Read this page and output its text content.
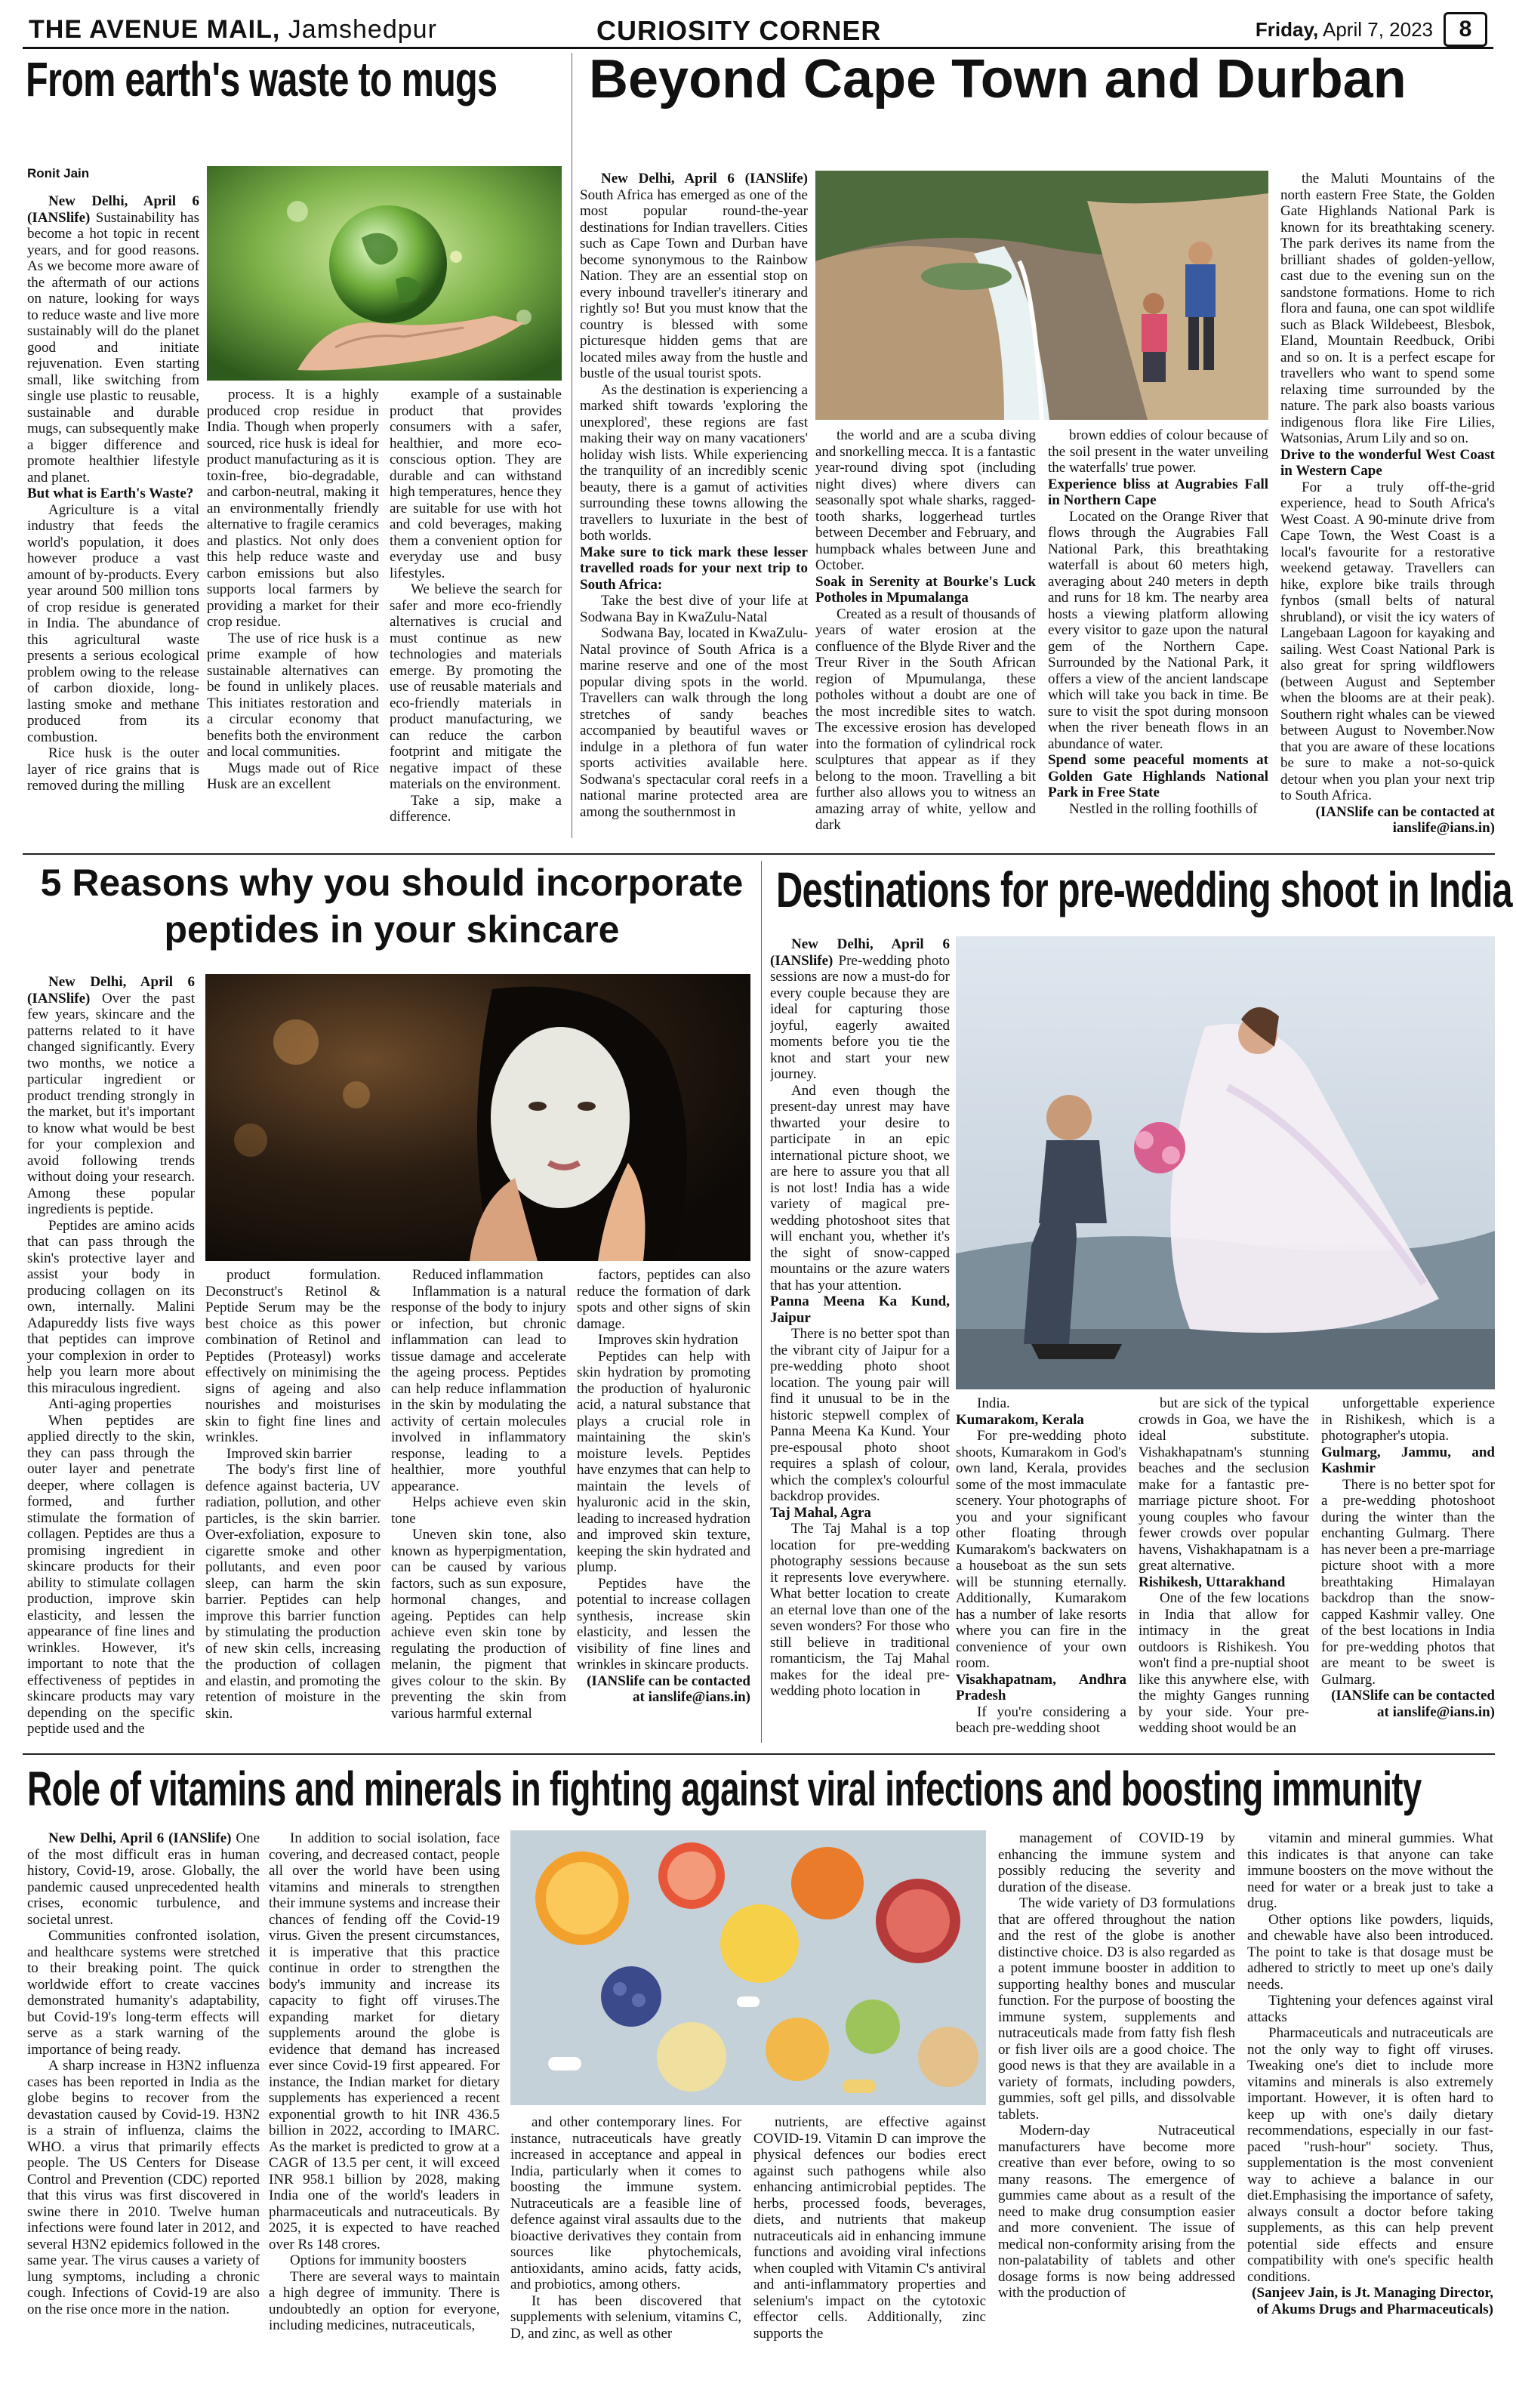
THE AVENUE MAIL, Jamshedpur	CURIOSITY CORNER	Friday, April 7, 2023	8
From earth's waste to mugs
Ronit Jain

New Delhi, April 6 (IANSlife) Sustainability has become a hot topic in recent years, and for good reasons. As we become more aware of the aftermath of our actions on nature, looking for ways to reduce waste and live more sustainably will do the planet good and initiate rejuvenation. Even starting small, like switching from single use plastic to reusable, sustainable and durable mugs, can subsequently make a bigger difference and promote healthier lifestyle and planet.

But what is Earth's Waste?

Agriculture is a vital industry that feeds the world's population, it does however produce a vast amount of by-products. Every year around 500 million tons of crop residue is generated in India. The abundance of this agricultural waste presents a serious ecological problem owing to the release of carbon dioxide, long-lasting smoke and methane produced from its combustion.

Rice husk is the outer layer of rice grains that is removed during the milling

process. It is a highly produced crop residue in India. Though when properly sourced, rice husk is ideal for product manufacturing as it is toxin-free, bio-degradable, and carbon-neutral, making it an environmentally friendly alternative to fragile ceramics and plastics. Not only does this help reduce waste and carbon emissions but also supports local farmers by providing a market for their crop residue.

The use of rice husk is a prime example of how sustainable alternatives can be found in unlikely places. This initiates restoration and a circular economy that benefits both the environment and local communities.

Mugs made out of Rice Husk are an excellent

example of a sustainable product that provides consumers with a safer, healthier, and more eco-conscious option. They are durable and can withstand high temperatures, hence they are suitable for use with hot and cold beverages, making them a convenient option for everyday use and busy lifestyles.

We believe the search for safer and more eco-friendly alternatives is crucial and must continue as new technologies and materials emerge. By promoting the use of reusable materials and eco-friendly materials in product manufacturing, we can reduce the carbon footprint and mitigate the negative impact of these materials on the environment.

Take a sip, make a difference.

Beyond Cape Town and Durban

New Delhi, April 6 (IANSlife) South Africa has emerged as one of the most popular round-the-year destinations for Indian travellers. Cities such as Cape Town and Durban have become synonymous to the Rainbow Nation. They are an essential stop on every inbound traveller's itinerary and rightly so! But you must know that the country is blessed with some picturesque hidden gems that are located miles away from the hustle and bustle of the usual tourist spots.

As the destination is experiencing a marked shift towards 'exploring the unexplored', these regions are fast making their way on many vacationers' holiday wish lists. While experiencing the tranquility of an incredibly scenic beauty, there is a gamut of activities surrounding these towns allowing the travellers to luxuriate in the best of both worlds.

Make sure to tick mark these lesser travelled roads for your next trip to South Africa:

Take the best dive of your life at Sodwana Bay in KwaZulu-Natal

Sodwana Bay, located in KwaZulu-Natal province of South Africa is a marine reserve and one of the most popular diving spots in the world. Travellers can walk through the long stretches of sandy beaches accompanied by beautiful waves or indulge in a plethora of fun water sports activities available here. Sodwana's spectacular coral reefs in a national marine protected area are among the southernmost in

the world and are a scuba diving and snorkelling mecca. It is a fantastic year-round diving spot (including night dives) where divers can seasonally spot whale sharks, ragged-tooth sharks, loggerhead turtles between December and February, and humpback whales between June and October.

Soak in Serenity at Bourke's Luck Potholes in Mpumalanga

Created as a result of thousands of years of water erosion at the confluence of the Blyde River and the Treur River in the South African region of Mpumulanga, these potholes without a doubt are one of the most incredible sites to watch. The excessive erosion has developed into the formation of cylindrical rock sculptures that appear as if they belong to the moon. Travelling a bit further also allows you to witness an amazing array of white, yellow and dark

brown eddies of colour because of the soil present in the water unveiling the waterfalls' true power.

Experience bliss at Augrabies Fall in Northern Cape

Located on the Orange River that flows through the Augrabies Fall National Park, this breathtaking waterfall is about 60 meters high, averaging about 240 meters in depth and runs for 18 km. The nearby area hosts a viewing platform allowing every visitor to gaze upon the natural gem of the Northern Cape. Surrounded by the National Park, it offers a view of the ancient landscape which will take you back in time. Be sure to visit the spot during monsoon when the river beneath flows in an abundance of water.

Spend some peaceful moments at Golden Gate Highlands National Park in Free State

Nestled in the rolling foothills of

the Maluti Mountains of the north eastern Free State, the Golden Gate Highlands National Park is known for its breathtaking scenery. The park derives its name from the brilliant shades of golden-yellow, cast due to the evening sun on the sandstone formations. Home to rich flora and fauna, one can spot wildlife such as Black Wildebeest, Blesbok, Eland, Mountain Reedbuck, Oribi and so on. It is a perfect escape for travellers who want to spend some relaxing time surrounded by the nature. The park also boasts various indigenous flora like Fire Lilies, Watsonias, Arum Lily and so on.

Drive to the wonderful West Coast in Western Cape

For a truly off-the-grid experience, head to South Africa's West Coast. A 90-minute drive from Cape Town, the West Coast is a local's favourite for a restorative weekend getaway. Travellers can hike, explore bike trails through fynbos (small belts of natural shrubland), or visit the icy waters of Langebaan Lagoon for kayaking and sailing. West Coast National Park is also great for spring wildflowers (between August and September when the blooms are at their peak). Southern right whales can be viewed between August to November.Now that you are aware of these locations be sure to make a not-so-quick detour when you plan your next trip to South Africa.

(IANSlife can be contacted at ianslife@ians.in)

5 Reasons why you should incorporate
peptides in your skincare

New Delhi, April 6 (IANSlife) Over the past few years, skincare and the patterns related to it have changed significantly. Every two months, we notice a particular ingredient or product trending strongly in the market, but it's important to know what would be best for your complexion and avoid following trends without doing your research. Among these popular ingredients is peptide.

Peptides are amino acids that can pass through the skin's protective layer and assist your body in producing collagen on its own, internally. Malini Adapureddy lists five ways that peptides can improve your complexion in order to help you learn more about this miraculous ingredient.

Anti-aging properties

When peptides are applied directly to the skin, they can pass through the outer layer and penetrate deeper, where collagen is formed, and further stimulate the formation of collagen. Peptides are thus a promising ingredient in skincare products for their ability to stimulate collagen production, improve skin elasticity, and lessen the appearance of fine lines and wrinkles. However, it's important to note that the effectiveness of peptides in skincare products may vary depending on the specific peptide used and the

product formulation. Deconstruct's Retinol & Peptide Serum may be the best choice as this power combination of Retinol and Peptides (Proteasyl) works effectively on minimising the signs of ageing and also nourishes and moisturises skin to fight fine lines and wrinkles.

Improved skin barrier

The body's first line of defence against bacteria, UV radiation, pollution, and other particles, is the skin barrier. Over-exfoliation, exposure to cigarette smoke and other pollutants, and even poor sleep, can harm the skin barrier. Peptides can help improve this barrier function by stimulating the production of new skin cells, increasing the production of collagen and elastin, and promoting the retention of moisture in the skin.

Reduced inflammation

Inflammation is a natural response of the body to injury or infection, but chronic inflammation can lead to tissue damage and accelerate the ageing process. Peptides can help reduce inflammation in the skin by modulating the activity of certain molecules involved in inflammatory response, leading to a healthier, more youthful appearance.

Helps achieve even skin tone

Uneven skin tone, also known as hyperpigmentation, can be caused by various factors, such as sun exposure, hormonal changes, and ageing. Peptides can help achieve even skin tone by regulating the production of melanin, the pigment that gives colour to the skin. By preventing the skin from various harmful external

factors, peptides can also reduce the formation of dark spots and other signs of skin damage.

Improves skin hydration

Peptides can help with skin hydration by promoting the production of hyaluronic acid, a natural substance that plays a crucial role in maintaining the skin's moisture levels. Peptides have enzymes that can help to maintain the levels of hyaluronic acid in the skin, leading to increased hydration and improved skin texture, keeping the skin hydrated and plump.

Peptides have the potential to increase collagen synthesis, increase skin elasticity, and lessen the visibility of fine lines and wrinkles in skincare products.

(IANSlife can be contacted at ianslife@ians.in)

Destinations for pre-wedding shoot in India

New Delhi, April 6 (IANSlife) Pre-wedding photo sessions are now a must-do for every couple because they are ideal for capturing those joyful, eagerly awaited moments before you tie the knot and start your new journey.

And even though the present-day unrest may have thwarted your desire to participate in an epic international picture shoot, we are here to assure you that all is not lost! India has a wide variety of magical pre-wedding photoshoot sites that will enchant you, whether it's the sight of snow-capped mountains or the azure waters that has your attention.

Panna Meena Ka Kund, Jaipur

There is no better spot than the vibrant city of Jaipur for a pre-wedding photo shoot location. The young pair will find it unusual to be in the historic stepwell complex of Panna Meena Ka Kund. Your pre-espousal photo shoot requires a splash of colour, which the complex's colourful backdrop provides.

Taj Mahal, Agra

The Taj Mahal is a top location for pre-wedding photography sessions because it represents love everywhere. What better location to create an eternal love than one of the seven wonders? For those who still believe in traditional romanticism, the Taj Mahal makes for the ideal pre-wedding photo location in

India.

Kumarakom, Kerala

For pre-wedding photo shoots, Kumarakom in God's own land, Kerala, provides some of the most immaculate scenery. Your photographs of you and your significant other floating through Kumarakom's backwaters on a houseboat as the sun sets will be stunning eternally. Additionally, Kumarakom has a number of lake resorts where you can fire in the convenience of your own room.

Visakhapatnam, Andhra Pradesh

If you're considering a beach pre-wedding shoot

but are sick of the typical crowds in Goa, we have the ideal substitute. Vishakhapatnam's stunning beaches and the seclusion make for a fantastic pre-marriage picture shoot. For young couples who favour fewer crowds over popular havens, Vishakhapatnam is a great alternative.

Rishikesh, Uttarakhand

One of the few locations in India that allow for intimacy in the great outdoors is Rishikesh. You won't find a pre-nuptial shoot like this anywhere else, with the mighty Ganges running by your side. Your pre-wedding shoot would be an

unforgettable experience in Rishikesh, which is a photographer's utopia.

Gulmarg, Jammu, and Kashmir

There is no better spot for a pre-wedding photoshoot during the winter than the enchanting Gulmarg. There has never been a pre-marriage picture shoot with a more breathtaking Himalayan backdrop than the snow-capped Kashmir valley. One of the best locations in India for pre-wedding photos that are meant to be sweet is Gulmarg.

(IANSlife can be contacted at ianslife@ians.in)

Role of vitamins and minerals in fighting against viral infections and boosting immunity

New Delhi, April 6 (IANSlife) One of the most difficult eras in human history, Covid-19, arose. Globally, the pandemic caused unprecedented health crises, economic turbulence, and societal unrest.

Communities confronted isolation, and healthcare systems were stretched to their breaking point. The quick worldwide effort to create vaccines demonstrated humanity's adaptability, but Covid-19's long-term effects will serve as a stark warning of the importance of being ready.

A sharp increase in H3N2 influenza cases has been reported in India as the globe begins to recover from the devastation caused by Covid-19. H3N2 is a strain of influenza, claims the WHO. a virus that primarily effects people. The US Centers for Disease Control and Prevention (CDC) reported that this virus was first discovered in swine there in 2010. Twelve human infections were found later in 2012, and several H3N2 epidemics followed in the same year. The virus causes a variety of lung symptoms, including a chronic cough. Infections of Covid-19 are also on the rise once more in the nation.

In addition to social isolation, face covering, and decreased contact, people all over the world have been using vitamins and minerals to strengthen their immune systems and increase their chances of fending off the Covid-19 virus. Given the present circumstances, it is imperative that this practice continue in order to strengthen the body's immunity and increase its capacity to fight off viruses.The expanding market for dietary supplements around the globe is evidence that demand has increased ever since Covid-19 first appeared. For instance, the Indian market for dietary supplements has experienced a recent exponential growth to hit INR 436.5 billion in 2022, according to IMARC. As the market is predicted to grow at a CAGR of 13.5 per cent, it will exceed INR 958.1 billion by 2028, making India one of the world's leaders in pharmaceuticals and nutraceuticals. By 2025, it is expected to have reached over Rs 148 crores.

Options for immunity boosters

There are several ways to maintain a high degree of immunity. There is undoubtedly an option for everyone, including medicines, nutraceuticals,

and other contemporary lines. For instance, nutraceuticals have greatly increased in acceptance and appeal in India, particularly when it comes to boosting the immune system. Nutraceuticals are a feasible line of defence against viral assaults due to the bioactive derivatives they contain from sources like phytochemicals, antioxidants, amino acids, fatty acids, and probiotics, among others.

It has been discovered that supplements with selenium, vitamins C, D, and zinc, as well as other

nutrients, are effective against COVID-19. Vitamin D can improve the physical defences our bodies erect against such pathogens while also enhancing antimicrobial peptides. The herbs, processed foods, beverages, diets, and nutrients that makeup nutraceuticals aid in enhancing immune functions and avoiding viral infections when coupled with Vitamin C's antiviral and anti-inflammatory properties and selenium's impact on the cytotoxic effector cells. Additionally, zinc supports the

management of COVID-19 by enhancing the immune system and possibly reducing the severity and duration of the disease.

The wide variety of D3 formulations that are offered throughout the nation and the rest of the globe is another distinctive choice. D3 is also regarded as a potent immune booster in addition to supporting healthy bones and muscular function. For the purpose of boosting the immune system, supplements and nutraceuticals made from fatty fish flesh or fish liver oils are a good choice. The good news is that they are available in a variety of formats, including powders, gummies, soft gel pills, and dissolvable tablets.

Modern-day Nutraceutical manufacturers have become more creative than ever before, owing to so many reasons. The emergence of gummies came about as a result of the need to make drug consumption easier and more convenient. The issue of medical non-conformity arising from the non-palatability of tablets and other dosage forms is now being addressed with the production of

vitamin and mineral gummies. What this indicates is that anyone can take immune boosters on the move without the need for water or a break just to take a drug.

Other options like powders, liquids, and chewable have also been introduced. The point to take is that dosage must be adhered to strictly to meet up one's daily needs.

Tightening your defences against viral attacks

Pharmaceuticals and nutraceuticals are not the only way to fight off viruses. Tweaking one's diet to include more vitamins and minerals is also extremely important. However, it is often hard to keep up with one's daily dietary recommendations, especially in our fast-paced "rush-hour" society. Thus, supplementation is the most convenient way to achieve a balance in our diet.Emphasising the importance of safety, always consult a doctor before taking supplements, as this can help prevent potential side effects and ensure compatibility with one's specific health conditions.

(Sanjeev Jain, is Jt. Managing Director, of Akums Drugs and Pharmaceuticals)
